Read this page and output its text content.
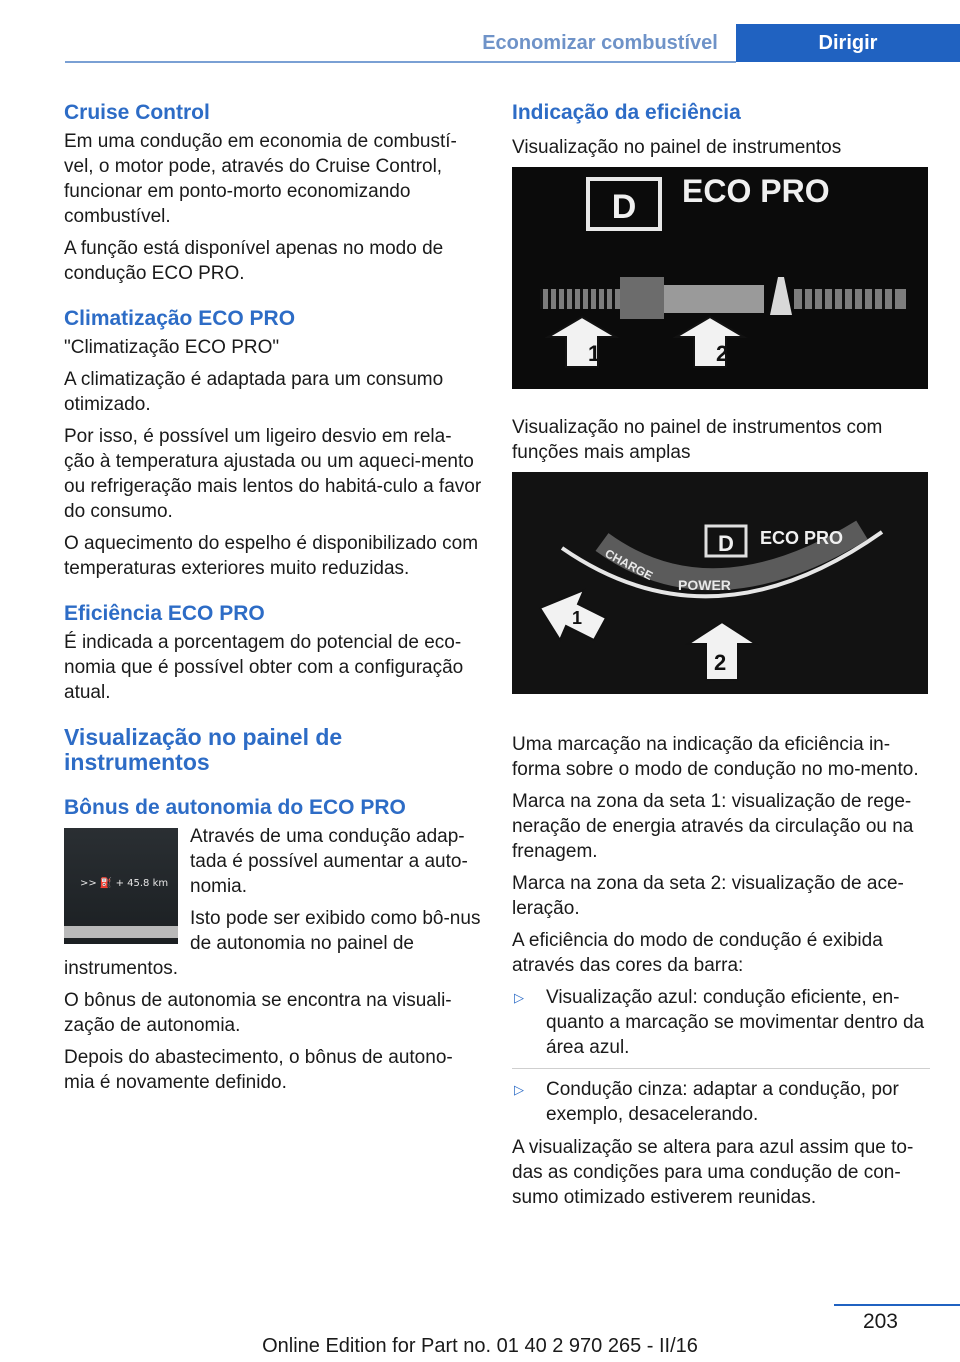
Economizar combustível	Dirigir
Cruise Control

Em uma condução em economia de combustí-vel, o motor pode, através do Cruise Control, funcionar em ponto-morto economizando combustível.

A função está disponível apenas no modo de condução ECO PRO.

Climatização ECO PRO

"Climatização ECO PRO"

A climatização é adaptada para um consumo otimizado.

Por isso, é possível um ligeiro desvio em rela-ção à temperatura ajustada ou um aqueci-mento ou refrigeração mais lentos do habitá-culo a favor do consumo.

O aquecimento do espelho é disponibilizado com temperaturas exteriores muito reduzidas.

Eficiência ECO PRO

É indicada a porcentagem do potencial de eco-nomia que é possível obter com a configuração atual.

Visualização no painel de instrumentos
Bônus de autonomia do ECO PRO
>> ⛽ + 45.8 km

Através de uma condução adap-tada é possível aumentar a auto-nomia.

Isto pode ser exibido como bô-nus de autonomia no painel de instrumentos.

O bônus de autonomia se encontra na visuali-zação de autonomia.

Depois do abastecimento, o bônus de autono-mia é novamente definido.

Indicação da eficiência

Visualização no painel de instrumentos

D ECO PRO
1	2

Visualização no painel de instrumentos com funções mais amplas

D ECO PRO
CHARGE
POWER
1
2

Uma marcação na indicação da eficiência in-forma sobre o modo de condução no mo-mento.

Marca na zona da seta 1: visualização de rege-neração de energia através da circulação ou na frenagem.

Marca na zona da seta 2: visualização de ace-leração.

A eficiência do modo de condução é exibida através das cores da barra:

▷ Visualização azul: condução eficiente, en-quanto a marcação se movimentar dentro da área azul.
▷ Condução cinza: adaptar a condução, por exemplo, desacelerando.

A visualização se altera para azul assim que to-das as condições para uma condução de con-sumo otimizado estiverem reunidas.

203
Online Edition for Part no. 01 40 2 970 265 - II/16
